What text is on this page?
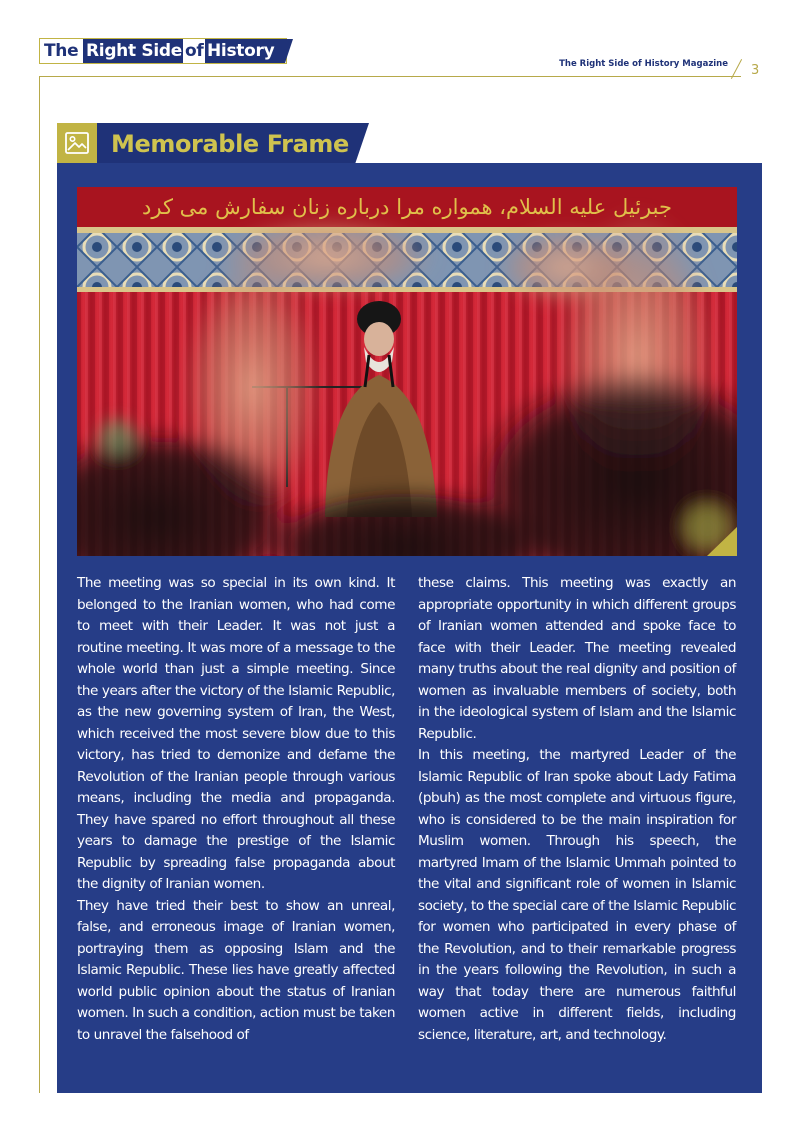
The Right Side of History
The Right Side of History Magazine 3
Memorable Frame
جبرئیل علیه السلام، همواره مرا درباره زنان سفارش می کرد

The meeting was so special in its own kind. It belonged to the Iranian women, who had come to meet with their Leader. It was not just a routine meeting. It was more of a message to the whole world than just a simple meeting. Since the years after the victory of the Islamic Republic, as the new governing system of Iran, the West, which received the most severe blow due to this victory, has tried to demonize and defame the Revolution of the Iranian people through various means, including the media and propaganda. They have spared no effort throughout all these years to damage the prestige of the Islamic Republic by spreading false propaganda about the dignity of Iranian women.

They have tried their best to show an unreal, false, and erroneous image of Iranian women, portraying them as opposing Islam and the Islamic Republic. These lies have greatly affected world public opinion about the status of Iranian women. In such a condition, action must be taken to unravel the falsehood of

these claims. This meeting was exactly an appropriate opportunity in which different groups of Iranian women attended and spoke face to face with their Leader. The meeting revealed many truths about the real dignity and position of women as invaluable members of society, both in the ideological system of Islam and the Islamic Republic.

In this meeting, the martyred Leader of the Islamic Republic of Iran spoke about Lady Fatima (pbuh) as the most complete and virtuous figure, who is considered to be the main inspiration for Muslim women. Through his speech, the martyred Imam of the Islamic Ummah pointed to the vital and significant role of women in Islamic society, to the special care of the Islamic Republic for women who participated in every phase of the Revolution, and to their remarkable progress in the years following the Revolution, in such a way that today there are numerous faithful women active in different fields, including science, literature, art, and technology.
